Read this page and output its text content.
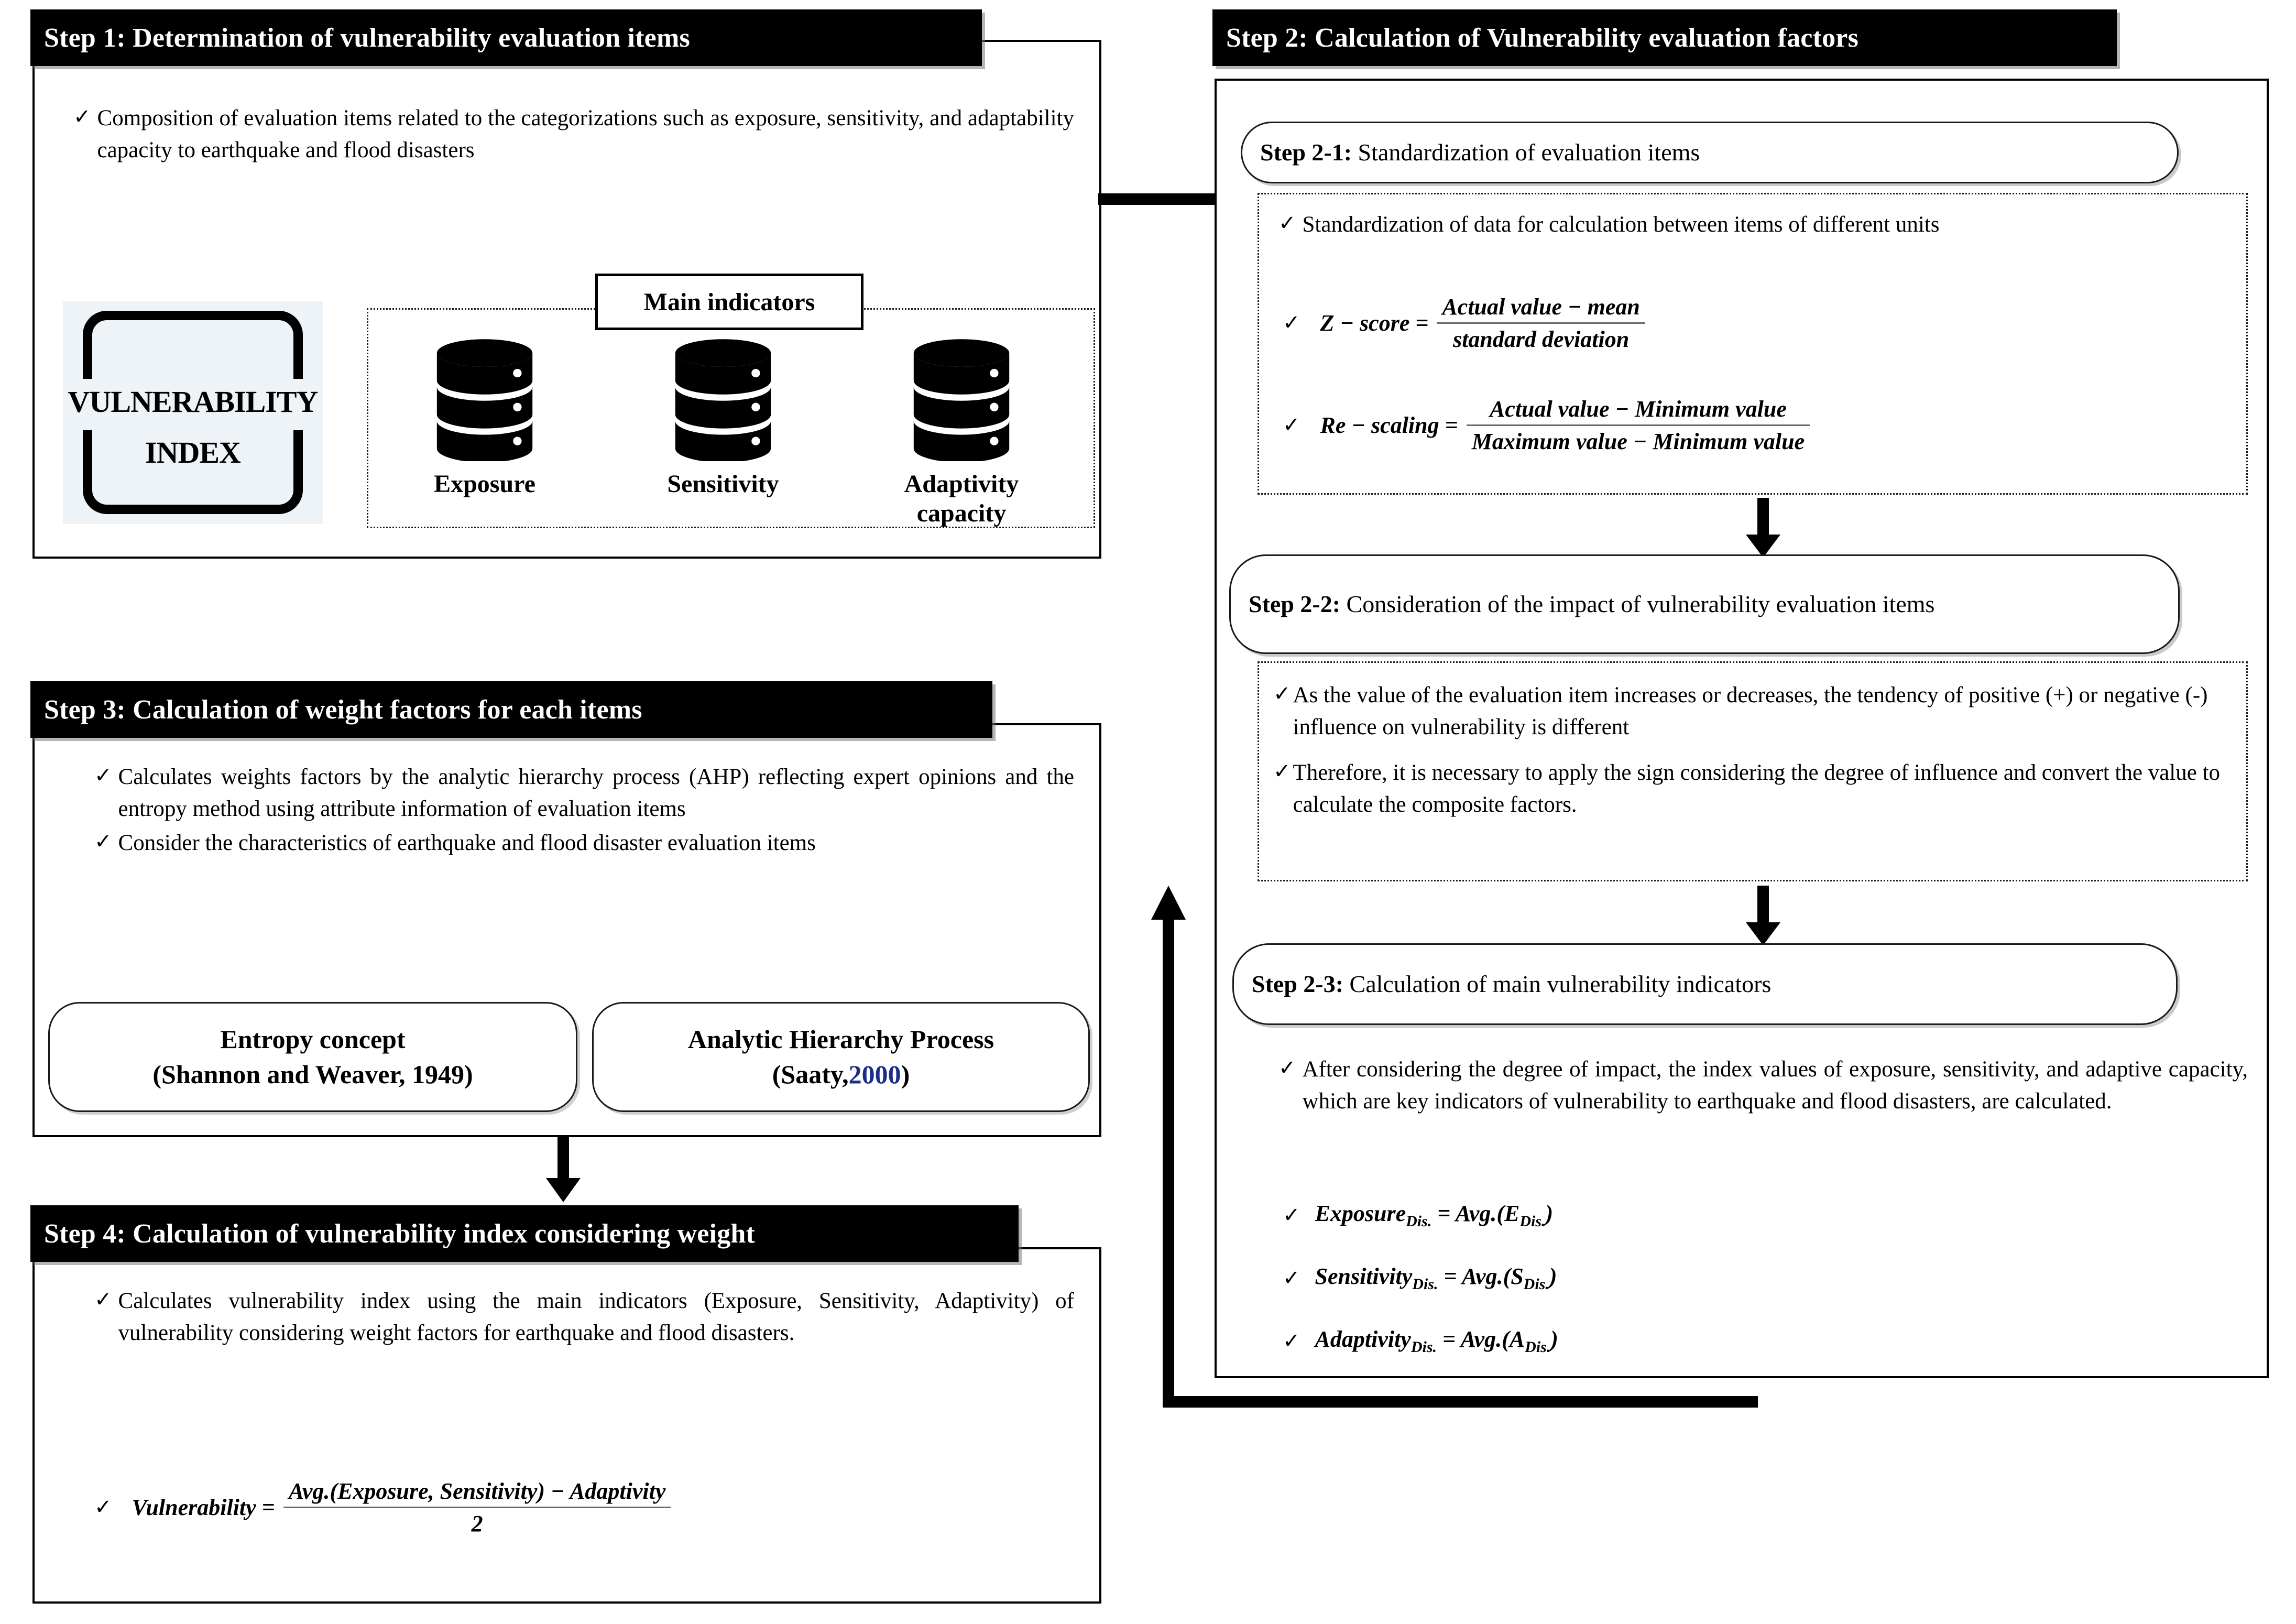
Step 1: Determination of vulnerability evaluation items
✓ Composition of evaluation items related to the categorizations such as exposure, sensitivity, and adaptability capacity to earthquake and flood disasters
VULNERABILITY
INDEX
Main indicators
Exposure	Sensitivity	Adaptivity capacity
Step 2: Calculation of Vulnerability evaluation factors
Step 2-1: Standardization of evaluation items
✓ Standardization of data for calculation between items of different units
✓ Z − score = $\frac{\text{Actual value − mean}}{\text{standard deviation}}$
✓ Re − scaling = $\frac{\text{Actual value − Minimum value}}{\text{Maximum value − Minimum value}}$
Step 2-2: Consideration of the impact of vulnerability evaluation items
✓ As the value of the evaluation item increases or decreases, the tendency of positive (+) or negative (-) influence on vulnerability is different
✓ Therefore, it is necessary to apply the sign considering the degree of influence and convert the value to calculate the composite factors.
Step 2-3: Calculation of main vulnerability indicators
✓ After considering the degree of impact, the index values of exposure, sensitivity, and adaptive capacity, which are key indicators of vulnerability to earthquake and flood disasters, are calculated.
✓ Exposure$_{Dis.}$ = $Avg.(E_{Dis.})$
✓ Sensitivity$_{Dis.}$ = $Avg.(S_{Dis.})$
✓ Adaptivity$_{Dis.}$ = $Avg.(A_{Dis.})$
Step 3: Calculation of weight factors for each items
✓ Calculates weights factors by the analytic hierarchy process (AHP) reflecting expert opinions and the entropy method using attribute information of evaluation items
✓ Consider the characteristics of earthquake and flood disaster evaluation items
Entropy concept
(Shannon and Weaver, 1949)
Analytic Hierarchy Process
(Saaty,2000)
Step 4: Calculation of vulnerability index considering weight
✓ Calculates vulnerability index using the main indicators (Exposure, Sensitivity, Adaptivity) of vulnerability considering weight factors for earthquake and flood disasters.
✓ Vulnerability = $\frac{\text{Avg.(Exposure, Sensitivity) − Adaptivity}}{2}$
